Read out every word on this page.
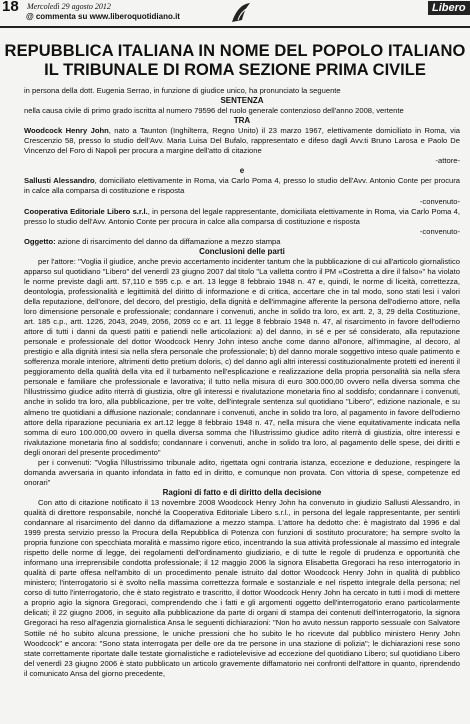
18 Mercoledì 29 agosto 2012
@ commenta su www.liberoquotidiano.it
Libero
REPUBBLICA ITALIANA IN NOME DEL POPOLO ITALIANO
IL TRIBUNALE DI ROMA SEZIONE PRIMA CIVILE

in persona della dott. Eugenia Serrao, in funzione di giudice unico, ha pronunciato la seguente

SENTENZA

nella causa civile di primo grado iscritta al numero 79596 del ruolo generale contenzioso dell'anno 2008, vertente

TRA

Woodcock Henry John, nato a Taunton (Inghilterra, Regno Unito) il 23 marzo 1967, elettivamente domiciliato in Roma, via Crescenzio 58, presso lo studio dell'Avv. Maria Luisa Del Bufalo, rappresentato e difeso dagli Avv.ti Bruno Larosa e Paolo De Vincenzo del Foro di Napoli per procura a margine dell'atto di citazione

-attore-

e

Sallusti Alessandro, domiciliato elettivamente in Roma, via Carlo Poma 4, presso lo studio dell'Avv. Antonio Conte per procura in calce alla comparsa di costituzione e risposta

-convenuto-

Cooperativa Editoriale Libero s.r.l., in persona del legale rappresentante, domiciliata elettivamente in Roma, via Carlo Poma 4, presso lo studio dell'Avv. Antonio Conte per procura in calce alla comparsa di costituzione e risposta

-convenuto-

Oggetto: azione di risarcimento del danno da diffamazione a mezzo stampa

Conclusioni delle parti

per l'attore: "Voglia il giudice, anche previo accertamento incidenter tantum che la pubblicazione di cui all'articolo giornalistico apparso sul quotidiano "Libero" del venerdì 23 giugno 2007 dal titolo "La valletta contro il PM «Costretta a dire il falso»" ha violato le norme previste dagli artt. 57,110 e 595 c.p. e art. 13 legge 8 febbraio 1948 n. 47 e, quindi, le norme di liceità, correttezza, deontologia, professionalità e legittimità del diritto di informazione e di critica, accertare che in tal modo, sono stati lesi i valori della reputazione, dell'onore, del decoro, del prestigio, della dignità e dell'immagine afferente la persona dell'odierno attore, nella loro dimensione personale e professionale; condannare i convenuti, anche in solido tra loro, ex artt. 2, 3, 29 della Costituzione, art. 185 c.p., artt. 1226, 2043, 2049, 2056, 2059 cc e art. 11 legge 8 febbraio 1948 n. 47, al risarcimento in favore dell'odierno attore di tutti i danni da questi patiti e patiendi nelle articolazioni: a) del danno, in sé e per sé considerato, alla reputazione personale e professionale del dottor Woodcock Henry John inteso anche come danno all'onore, all'immagine, al decoro, al prestigio e alla dignità intesi sia nella sfera personale che professionale; b) del danno morale soggettivo inteso quale patimento e sofferenza morale interiore, altrimenti detto pretium doloris, c) del danno agli altri interessi costituzionalmente protetti ed inerenti il peggioramento della qualità della vita ed il turbamento nell'esplicazione e realizzazione della propria personalità sia nella sfera personale e familiare che professionale e lavorativa; il tutto nella misura di euro 300.000,00 ovvero nella diversa somma che l'illustrissimo giudice adito riterrà di giustizia, oltre gli interessi e rivalutazione monetaria fino al soddisfo; condannare i convenuti, anche in solido tra loro, alla pubblicazione, per tre volte, dell'integrale sentenza sul quotidiano "Libero", edizione nazionale, e su almeno tre quotidiani a diffusione nazionale; condannare i convenuti, anche in solido tra loro, al pagamento in favore dell'odierno attore della riparazione pecuniaria ex art.12 legge 8 febbraio 1948 n. 47, nella misura che viene equitativamente indicata nella somma di euro 100.000,00 ovvero in quella diversa somma che l'illustrissimo giudice adito riterrà di giustizia, oltre interessi e rivalutazione monetaria fino al soddisfo; condannare i convenuti, anche in solido tra loro, al pagamento delle spese, dei diritti e degli onorari del presente procedimento"

per i convenuti: "Voglia l'illustrissimo tribunale adito, rigettata ogni contraria istanza, eccezione e deduzione, respingere la domanda avversaria in quanto infondata in fatto ed in diritto, e comunque non provata. Con vittoria di spese, competenze ed onorari"

Ragioni di fatto e di diritto della decisione

Con atto di citazione notificato il 13 novembre 2008 Woodcock Henry John ha convenuto in giudizio Sallusti Alessandro, in qualità di direttore responsabile, nonché la Cooperativa Editoriale Libero s.r.l., in persona del legale rappresentante, per sentirli condannare al risarcimento del danno da diffamazione a mezzo stampa. L'attore ha dedotto che: è magistrato dal 1996 e dal 1999 presta servizio presso la Procura della Repubblica di Potenza con funzioni di sostituto procuratore; ha sempre svolto la propria funzione con specchiata moralità e massimo rigore etico, incentrando la sua attività professionale al massimo ed integrale rispetto delle norme di legge, dei regolamenti dell'ordinamento giudiziario, e di tutte le regole di prudenza e opportunità che informano una irreprensibile condotta professionale; il 12 maggio 2006 la signora Elisabetta Gregoraci ha reso interrogatorio in qualità di parte offesa nell'ambito di un procedimento penale istruito dal dottor Woodcock Henry John in qualità di pubblico ministero; l'interrogatorio si è svolto nella massima correttezza formale e sostanziale e nel rispetto integrale della persona; nel corso di tutto l'interrogatorio, che è stato registrato e trascritto, il dottor Woodcock Henry John ha cercato in tutti i modi di mettere a proprio agio la signora Gregoraci, comprendendo che i fatti e gli argomenti oggetto dell'interrogatorio erano particolarmente delicati; il 22 giugno 2006, in seguito alla pubblicazione da parte di organi di stampa dei contenuti dell'interrogatorio, la signora Gregoraci ha reso all'agenzia giornalistica Ansa le seguenti dichiarazioni: "Non ho avuto nessun rapporto sessuale con Salvatore Sottile né ho subito alcuna pressione, le uniche pressioni che ho subito le ho ricevute dal pubblico ministero Henry John Woodcock" e ancora: "Sono stata interrogata per delle ore da tre persone in una stazione di polizia"; le dichiarazioni rese sono state correttamente riportate dalle testate giornalistiche e radiotelevisive ad eccezione del quotidiano Libero; sul quotidiano Libero del venerdì 23 giugno 2006 è stato pubblicato un articolo gravemente diffamatorio nei confronti dell'attore in quanto, riprendendo il comunicato Ansa del giorno precedente,
